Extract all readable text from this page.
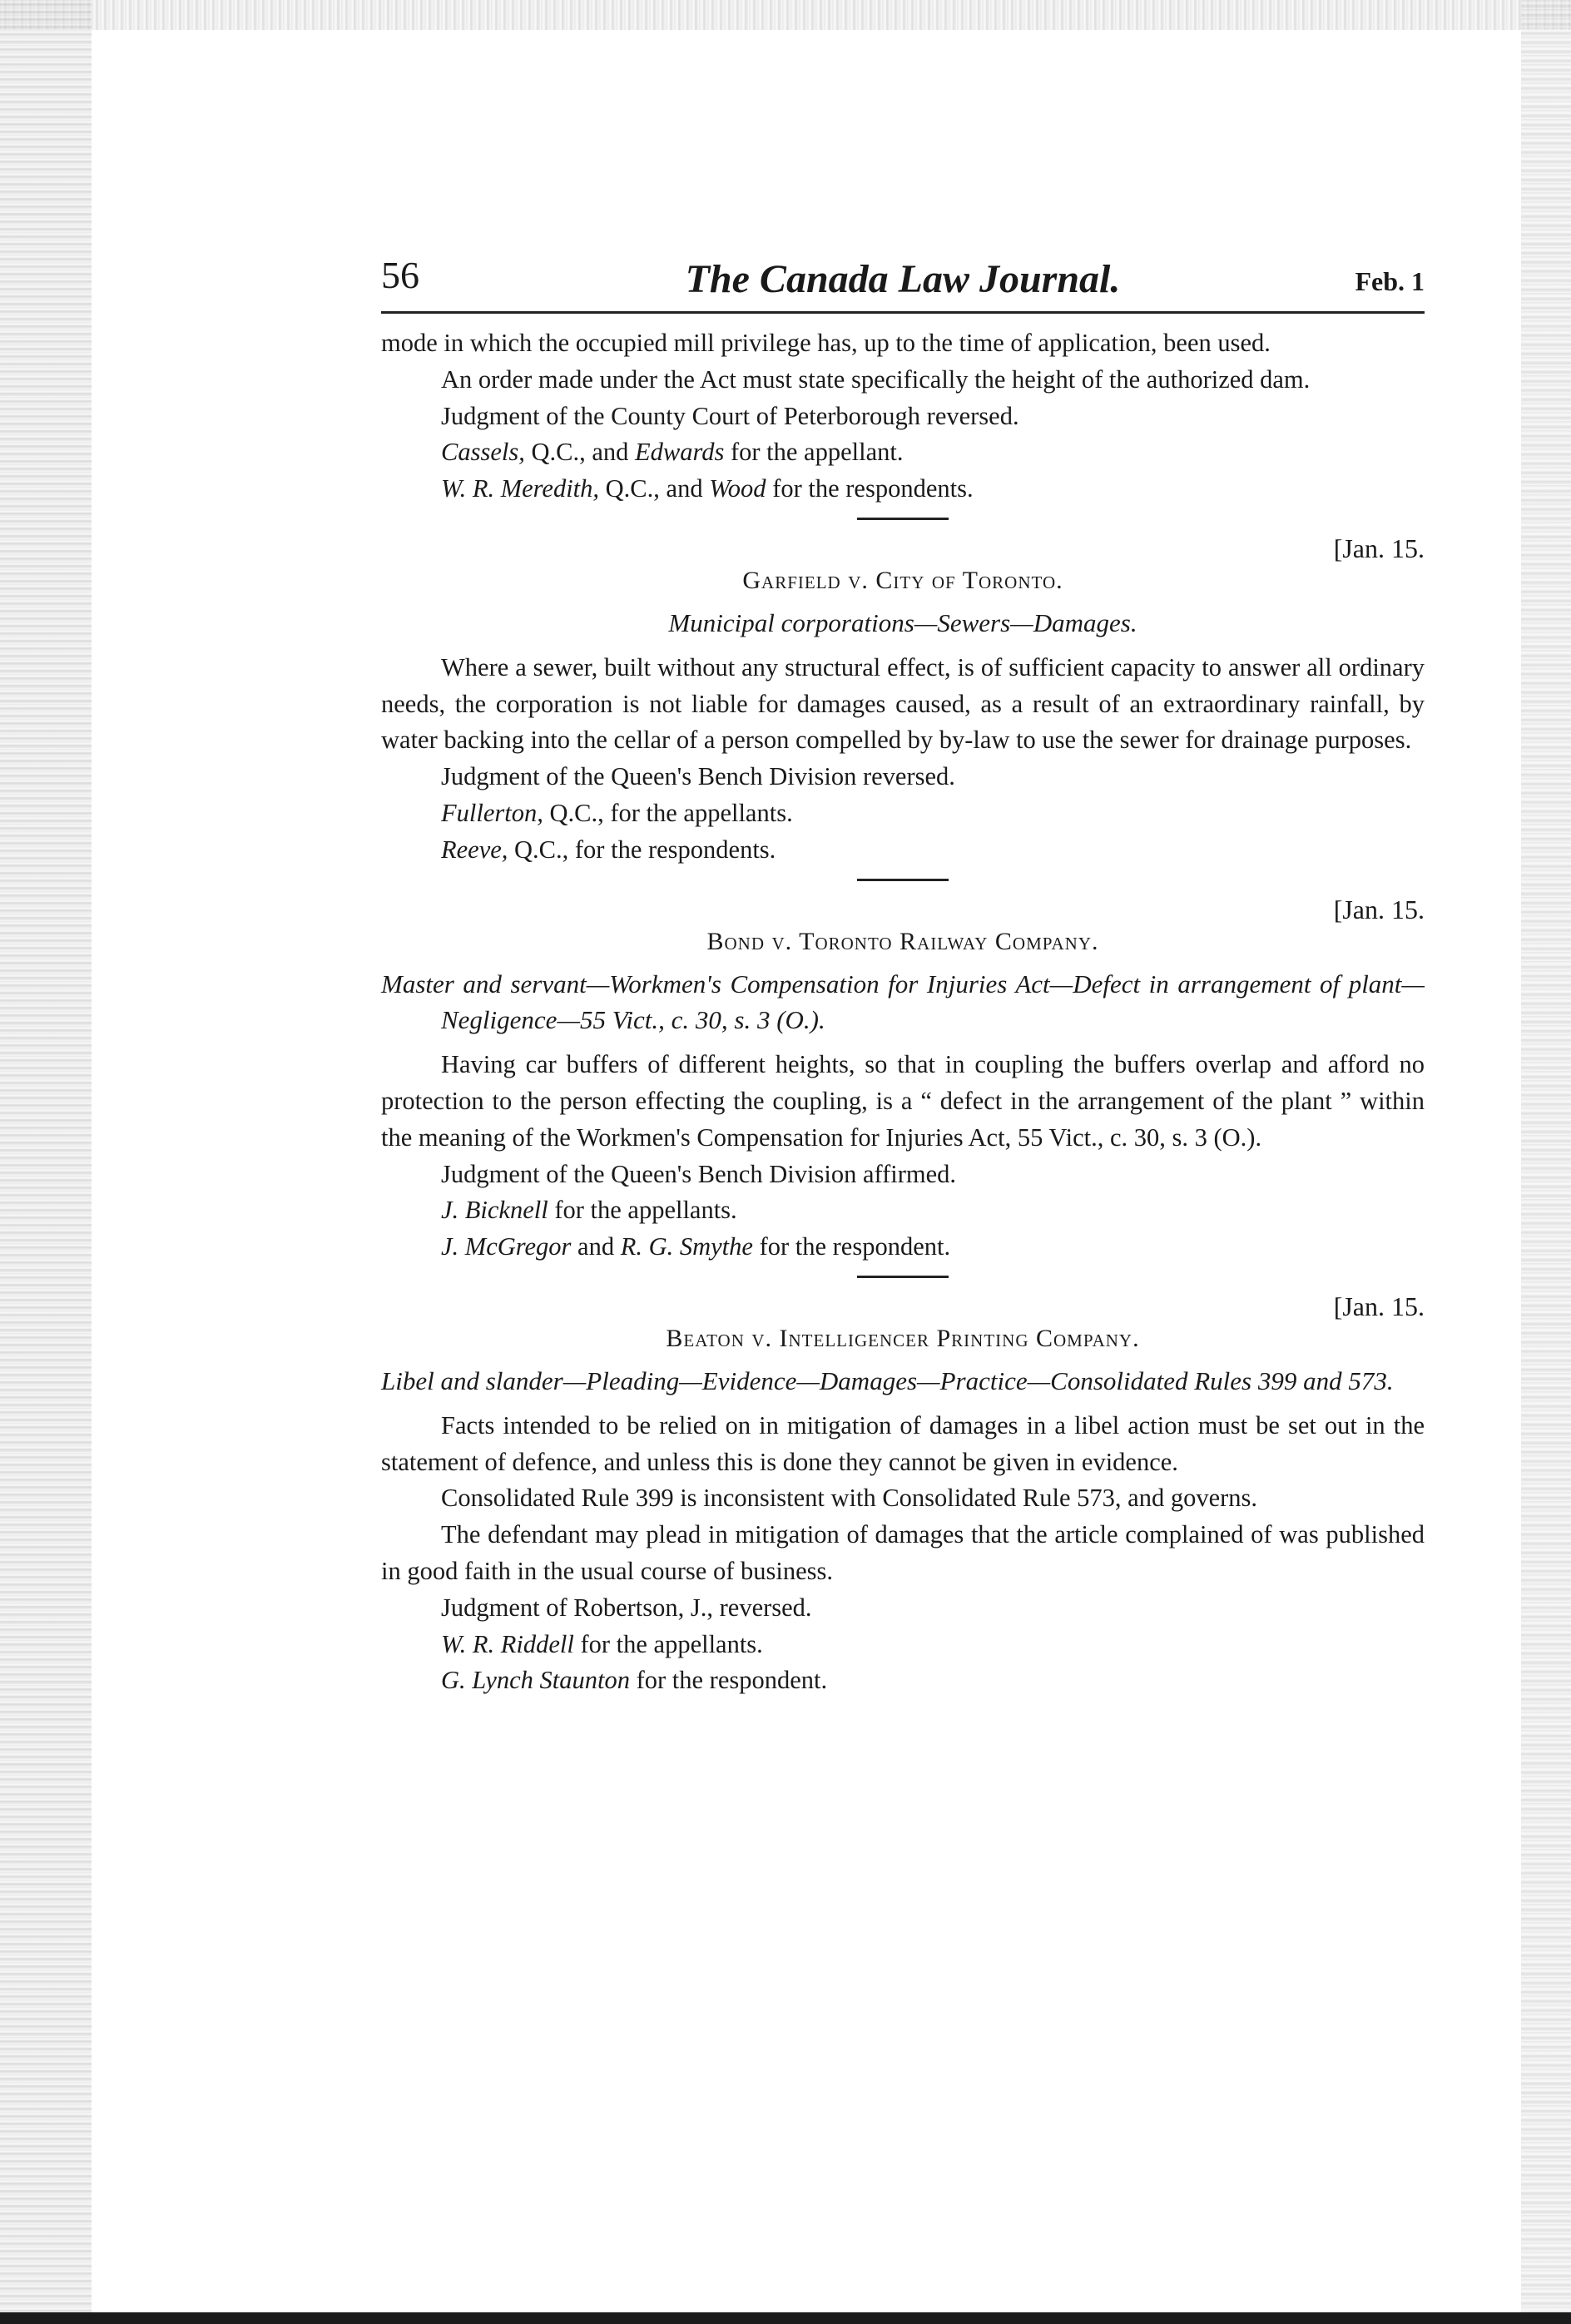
56	The Canada Law Journal.	Feb. 1

mode in which the occupied mill privilege has, up to the time of application, been used.

An order made under the Act must state specifically the height of the authorized dam.

Judgment of the County Court of Peterborough reversed.

Cassels, Q.C., and Edwards for the appellant.

W. R. Meredith, Q.C., and Wood for the respondents.

[Jan. 15.
Garfield v. City of Toronto.

Municipal corporations—Sewers—Damages.

Where a sewer, built without any structural effect, is of sufficient capacity to answer all ordinary needs, the corporation is not liable for damages caused, as a result of an extraordinary rainfall, by water backing into the cellar of a person compelled by by-law to use the sewer for drainage purposes.

Judgment of the Queen's Bench Division reversed.

Fullerton, Q.C., for the appellants.

Reeve, Q.C., for the respondents.

[Jan. 15.
Bond v. Toronto Railway Company.

Master and servant—Workmen's Compensation for Injuries Act—Defect in arrangement of plant—Negligence—55 Vict., c. 30, s. 3 (O.).

Having car buffers of different heights, so that in coupling the buffers overlap and afford no protection to the person effecting the coupling, is a “ defect in the arrangement of the plant ” within the meaning of the Workmen's Compensation for Injuries Act, 55 Vict., c. 30, s. 3 (O.).

Judgment of the Queen's Bench Division affirmed.

J. Bicknell for the appellants.

J. McGregor and R. G. Smythe for the respondent.

[Jan. 15.
Beaton v. Intelligencer Printing Company.

Libel and slander—Pleading—Evidence—Damages—Practice—Consolidated Rules 399 and 573.

Facts intended to be relied on in mitigation of damages in a libel action must be set out in the statement of defence, and unless this is done they cannot be given in evidence.

Consolidated Rule 399 is inconsistent with Consolidated Rule 573, and governs.

The defendant may plead in mitigation of damages that the article complained of was published in good faith in the usual course of business.

Judgment of Robertson, J., reversed.

W. R. Riddell for the appellants.

G. Lynch Staunton for the respondent.
